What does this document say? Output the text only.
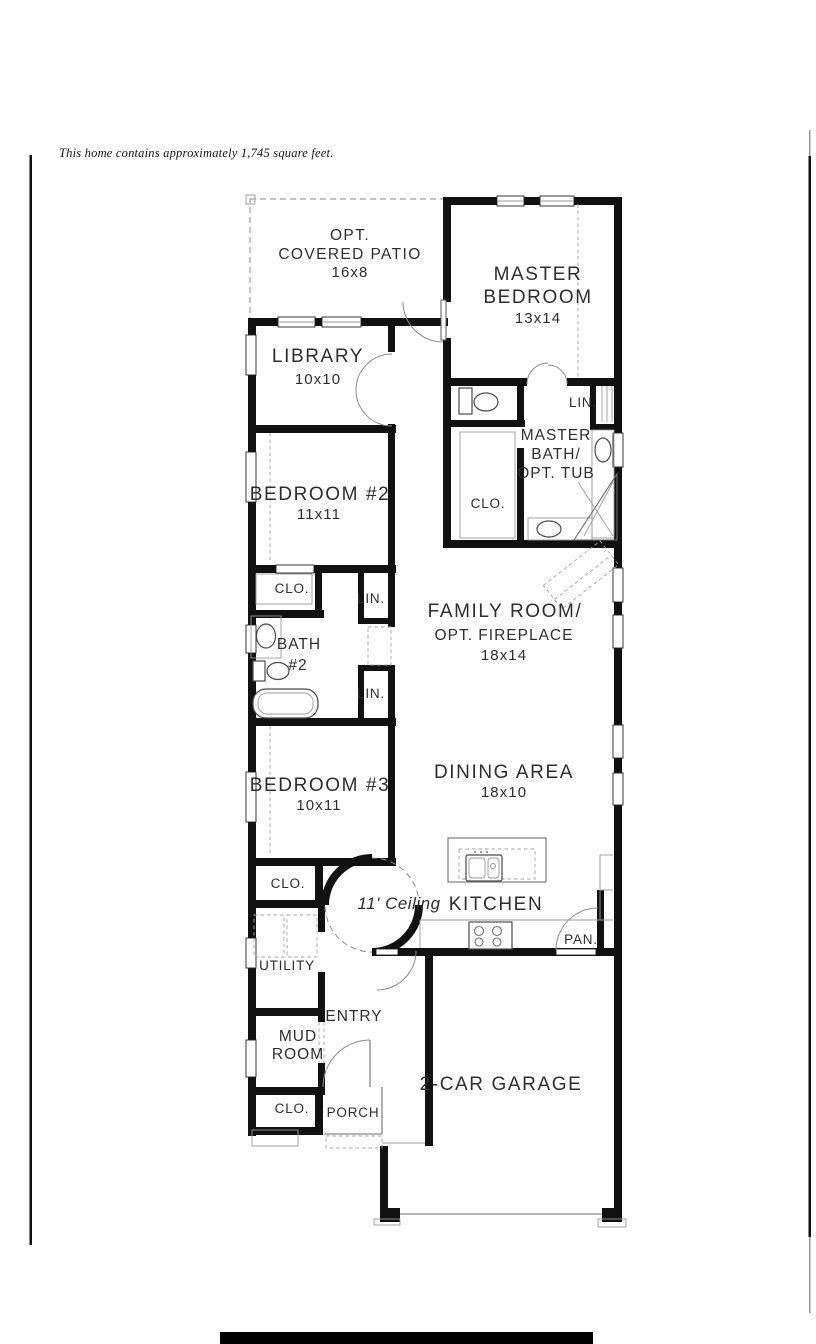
This home contains approximately 1,745 square feet.
OPT.
COVERED PATIO
16x8	MASTER
BEDROOM
13x14
LIBRARY
10x10
LIN.
MASTER
BATH/
OPT. TUB
CLO.
BEDROOM #2
11x11
CLO.
LIN.
BATH
#2
LIN.
FAMILY ROOM/
OPT. FIREPLACE
18x14
BEDROOM #3
10x11
DINING AREA
18x10
CLO.
11' Ceiling KITCHEN
PAN.
UTILITY
ENTRY
MUD
ROOM
CLO. PORCH
2-CAR GARAGE
